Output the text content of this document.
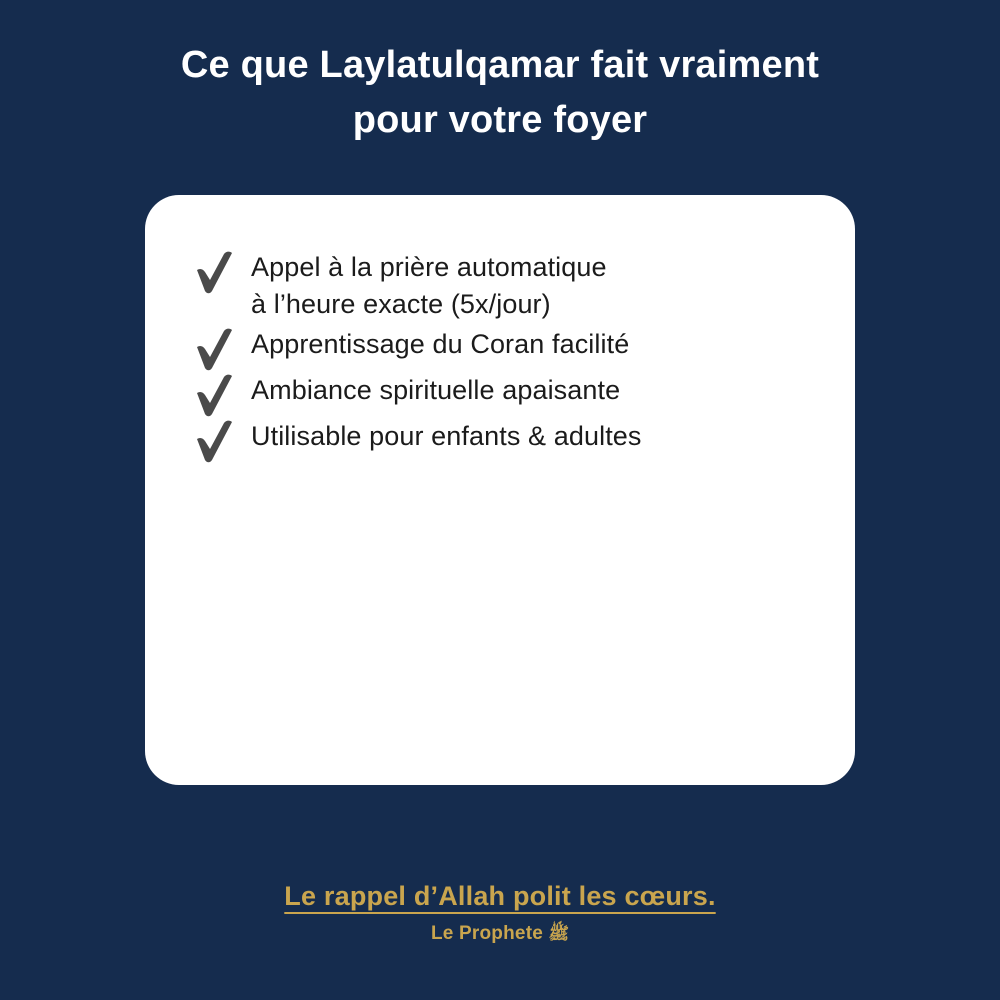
Ce que Laylatulqamar fait vraiment
pour votre foyer
Appel à la prière automatique
à l’heure exacte (5x/jour)
Apprentissage du Coran facilité
Ambiance spirituelle apaisante
Utilisable pour enfants & adultes
Le rappel d’Allah polit les cœurs.
Le Prophete ﷺ
